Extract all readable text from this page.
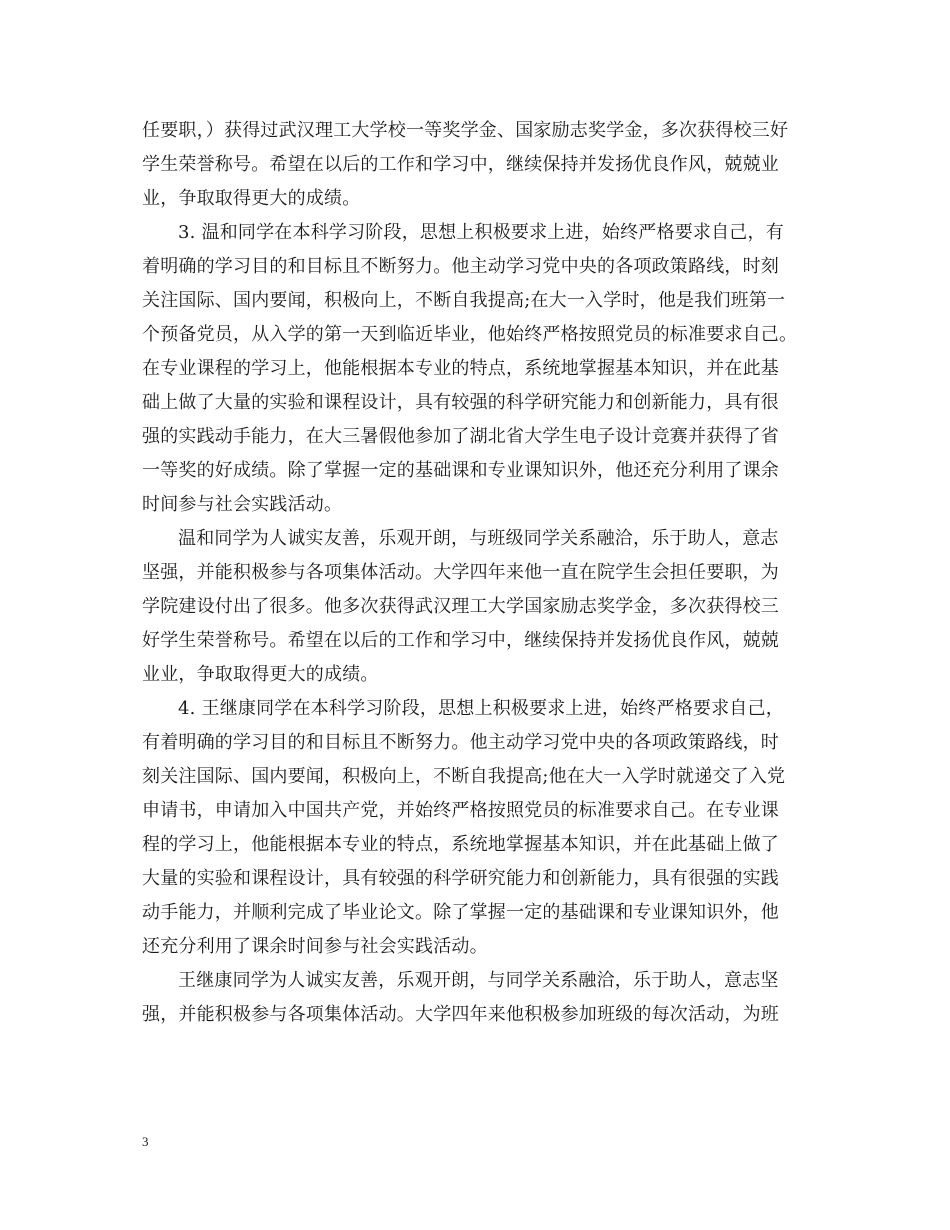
任要职，）获得过武汉理工大学校一等奖学金、国家励志奖学金，多次获得校三好
学生荣誉称号。希望在以后的工作和学习中，继续保持并发扬优良作风，兢兢业
业，争取取得更大的成绩。
3. 温和同学在本科学习阶段，思想上积极要求上进，始终严格要求自己，有
着明确的学习目的和目标且不断努力。他主动学习党中央的各项政策路线，时刻
关注国际、国内要闻，积极向上，不断自我提高;在大一入学时，他是我们班第一
个预备党员，从入学的第一天到临近毕业，他始终严格按照党员的标准要求自己。
在专业课程的学习上，他能根据本专业的特点，系统地掌握基本知识，并在此基
础上做了大量的实验和课程设计，具有较强的科学研究能力和创新能力，具有很
强的实践动手能力，在大三暑假他参加了湖北省大学生电子设计竞赛并获得了省
一等奖的好成绩。除了掌握一定的基础课和专业课知识外，他还充分利用了课余
时间参与社会实践活动。
温和同学为人诚实友善，乐观开朗，与班级同学关系融洽，乐于助人，意志
坚强，并能积极参与各项集体活动。大学四年来他一直在院学生会担任要职，为
学院建设付出了很多。他多次获得武汉理工大学国家励志奖学金，多次获得校三
好学生荣誉称号。希望在以后的工作和学习中，继续保持并发扬优良作风，兢兢
业业，争取取得更大的成绩。
4. 王继康同学在本科学习阶段，思想上积极要求上进，始终严格要求自己，
有着明确的学习目的和目标且不断努力。他主动学习党中央的各项政策路线，时
刻关注国际、国内要闻，积极向上，不断自我提高;他在大一入学时就递交了入党
申请书，申请加入中国共产党，并始终严格按照党员的标准要求自己。在专业课
程的学习上，他能根据本专业的特点，系统地掌握基本知识，并在此基础上做了
大量的实验和课程设计，具有较强的科学研究能力和创新能力，具有很强的实践
动手能力，并顺利完成了毕业论文。除了掌握一定的基础课和专业课知识外，他
还充分利用了课余时间参与社会实践活动。
王继康同学为人诚实友善，乐观开朗，与同学关系融洽，乐于助人，意志坚
强，并能积极参与各项集体活动。大学四年来他积极参加班级的每次活动，为班
3
